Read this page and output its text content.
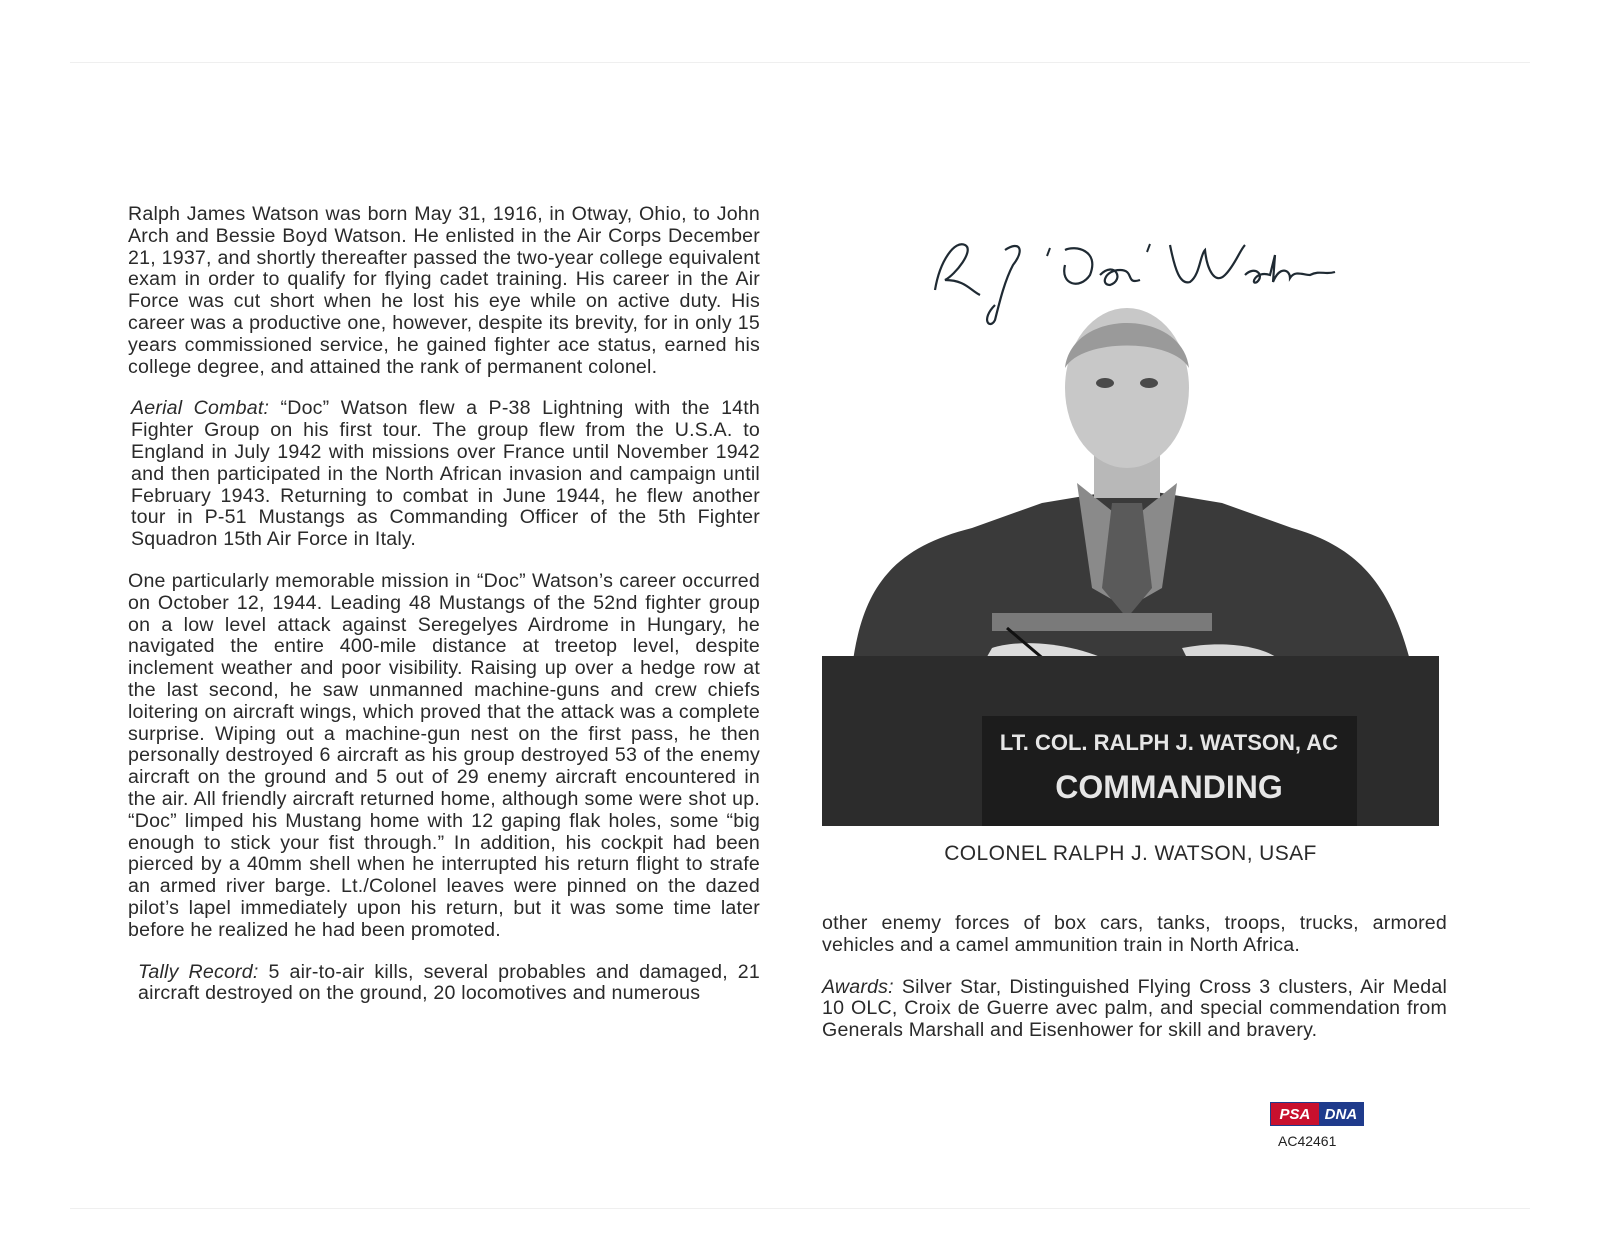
Ralph James Watson was born May 31, 1916, in Otway, Ohio, to John Arch and Bessie Boyd Watson. He enlisted in the Air Corps December 21, 1937, and shortly thereafter passed the two-year college equivalent exam in order to qualify for flying cadet training. His career in the Air Force was cut short when he lost his eye while on active duty. His career was a productive one, however, despite its brevity, for in only 15 years commissioned service, he gained fighter ace status, earned his college degree, and attained the rank of permanent colonel.

Aerial Combat: “Doc” Watson flew a P-38 Lightning with the 14th Fighter Group on his first tour. The group flew from the U.S.A. to England in July 1942 with missions over France until November 1942 and then participated in the North African invasion and campaign until February 1943. Returning to combat in June 1944, he flew another tour in P-51 Mustangs as Commanding Officer of the 5th Fighter Squadron 15th Air Force in Italy.

One particularly memorable mission in “Doc” Watson’s career occurred on October 12, 1944. Leading 48 Mustangs of the 52nd fighter group on a low level attack against Seregelyes Airdrome in Hungary, he navigated the entire 400-mile distance at treetop level, despite inclement weather and poor visibility. Raising up over a hedge row at the last second, he saw unmanned machine-guns and crew chiefs loitering on aircraft wings, which proved that the attack was a complete surprise. Wiping out a machine-gun nest on the first pass, he then personally destroyed 6 aircraft as his group destroyed 53 of the enemy aircraft on the ground and 5 out of 29 enemy aircraft encountered in the air. All friendly aircraft returned home, although some were shot up. “Doc” limped his Mustang home with 12 gaping flak holes, some “big enough to stick your fist through.” In addition, his cockpit had been pierced by a 40mm shell when he interrupted his return flight to strafe an armed river barge. Lt./Colonel leaves were pinned on the dazed pilot’s lapel immediately upon his return, but it was some time later before he realized he had been promoted.

Tally Record: 5 air-to-air kills, several probables and damaged, 21 aircraft destroyed on the ground, 20 locomotives and numerous

LT. COL. RALPH J. WATSON, AC
COMMANDING
COLONEL RALPH J. WATSON, USAF

other enemy forces of box cars, tanks, troops, trucks, armored vehicles and a camel ammunition train in North Africa.

Awards: Silver Star, Distinguished Flying Cross 3 clusters, Air Medal 10 OLC, Croix de Guerre avec palm, and special commendation from Generals Marshall and Eisenhower for skill and bravery.

PSA DNA
AC42461
